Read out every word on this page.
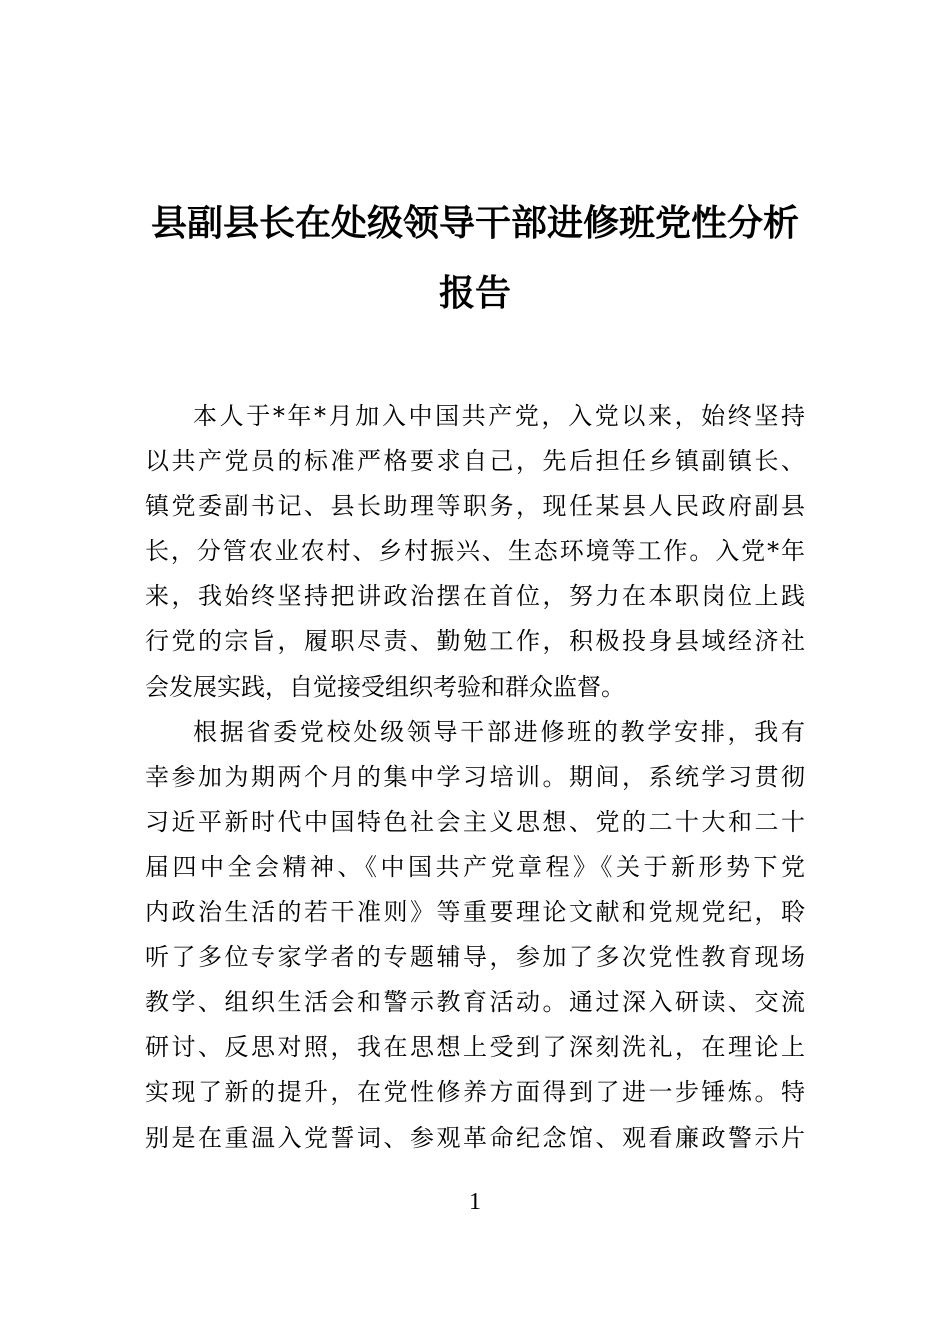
县副县长在处级领导干部进修班党性分析
报告
本人于*年*月加入中国共产党，入党以来，始终坚持
以共产党员的标准严格要求自己，先后担任乡镇副镇长、
镇党委副书记、县长助理等职务，现任某县人民政府副县
长，分管农业农村、乡村振兴、生态环境等工作。入党*年
来，我始终坚持把讲政治摆在首位，努力在本职岗位上践
行党的宗旨，履职尽责、勤勉工作，积极投身县域经济社
会发展实践，自觉接受组织考验和群众监督。
根据省委党校处级领导干部进修班的教学安排，我有
幸参加为期两个月的集中学习培训。期间，系统学习贯彻
习近平新时代中国特色社会主义思想、党的二十大和二十
届四中全会精神、《中国共产党章程》《关于新形势下党
内政治生活的若干准则》等重要理论文献和党规党纪，聆
听了多位专家学者的专题辅导，参加了多次党性教育现场
教学、组织生活会和警示教育活动。通过深入研读、交流
研讨、反思对照，我在思想上受到了深刻洗礼，在理论上
实现了新的提升，在党性修养方面得到了进一步锤炼。特
别是在重温入党誓词、参观革命纪念馆、观看廉政警示片
1
